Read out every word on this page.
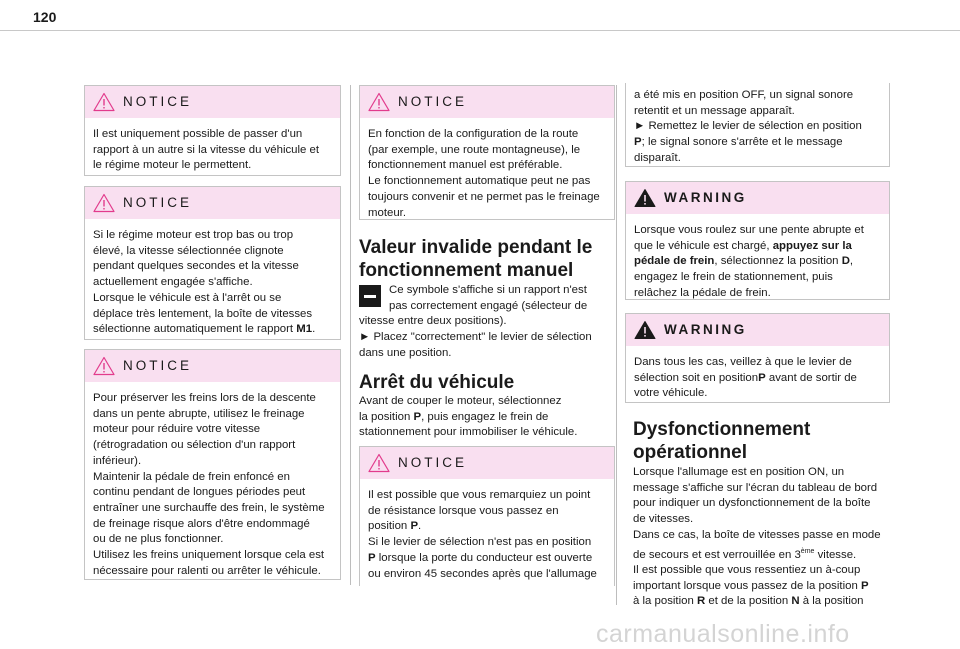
120
NOTICE

Il est uniquement possible de passer d'un

rapport à un autre si la vitesse du véhicule et

le régime moteur le permettent.

NOTICE

Si le régime moteur est trop bas ou trop

élevé, la vitesse sélectionnée clignote

pendant quelques secondes et la vitesse

actuellement engagée s'affiche.

Lorsque le véhicule est à l'arrêt ou se

déplace très lentement, la boîte de vitesses

sélectionne automatiquement le rapport M1.

NOTICE

Pour préserver les freins lors de la descente

dans un pente abrupte, utilisez le freinage

moteur pour réduire votre vitesse

(rétrogradation ou sélection d'un rapport

inférieur).

Maintenir la pédale de frein enfoncé en

continu pendant de longues périodes peut

entraîner une surchauffe des frein, le système

de freinage risque alors d'être endommagé

ou de ne plus fonctionner.

Utilisez les freins uniquement lorsque cela est

nécessaire pour ralenti ou arrêter le véhicule.

NOTICE

En fonction de la configuration de la route

(par exemple, une route montagneuse), le

fonctionnement manuel est préférable.

Le fonctionnement automatique peut ne pas

toujours convenir et ne permet pas le freinage

moteur.

Valeur invalide pendant le

fonctionnement manuel

Ce symbole s'affiche si un rapport n'est

pas correctement engagé (sélecteur de

vitesse entre deux positions).

► Placez "correctement" le levier de sélection

dans une position.

Arrêt du véhicule

Avant de couper le moteur, sélectionnez

la position P, puis engagez le frein de

stationnement pour immobiliser le véhicule.

NOTICE

Il est possible que vous remarquiez un point

de résistance lorsque vous passez en

position P.

Si le levier de sélection n'est pas en position

P lorsque la porte du conducteur est ouverte

ou environ 45 secondes après que l'allumage

a été mis en position OFF, un signal sonore

retentit et un message apparaît.

► Remettez le levier de sélection en position

P; le signal sonore s'arrête et le message

disparaît.

WARNING

Lorsque vous roulez sur une pente abrupte et

que le véhicule est chargé, appuyez sur la

pédale de frein, sélectionnez la position D,

engagez le frein de stationnement, puis

relâchez la pédale de frein.

WARNING

Dans tous les cas, veillez à que le levier de

sélection soit en positionP avant de sortir de

votre véhicule.

Dysfonctionnement

opérationnel

Lorsque l'allumage est en position ON, un

message s'affiche sur l'écran du tableau de bord

pour indiquer un dysfonctionnement de la boîte

de vitesses.

Dans ce cas, la boîte de vitesses passe en mode

de secours et est verrouillée en 3ème vitesse.

Il est possible que vous ressentiez un à-coup

important lorsque vous passez de la position P

à la position R et de la position N à la position

carmanualsonline.info
